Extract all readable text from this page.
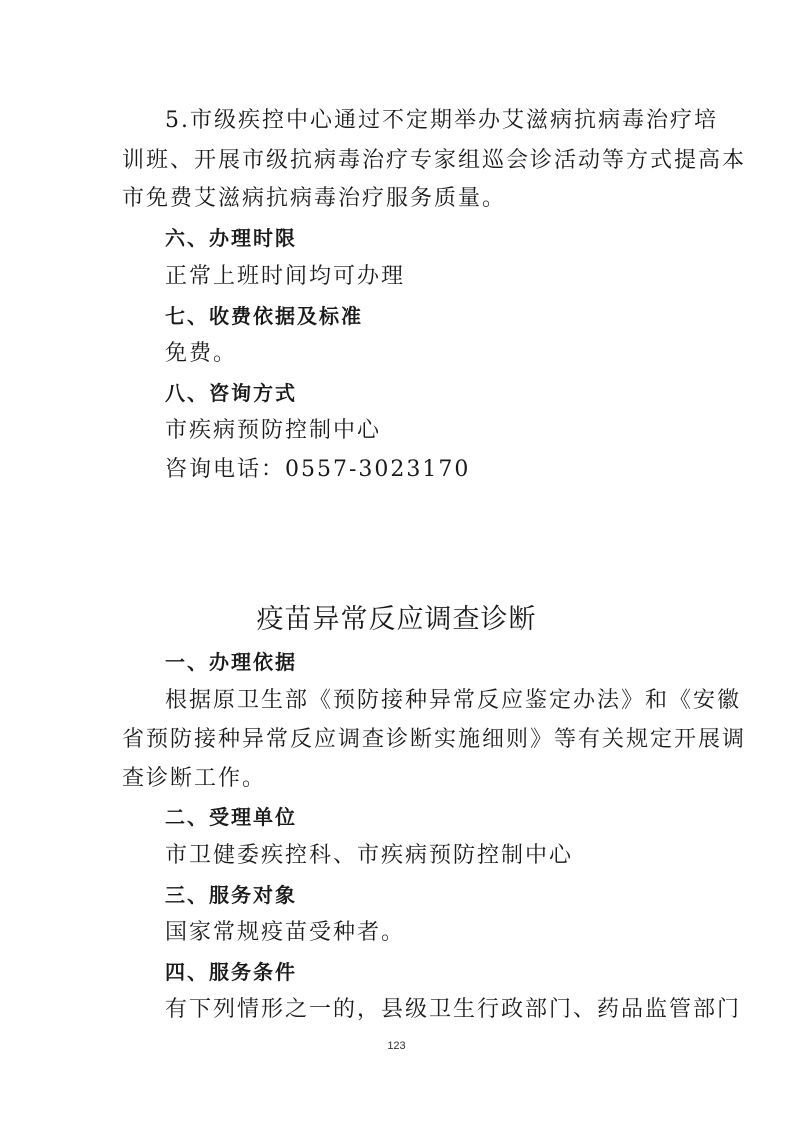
5.市级疾控中心通过不定期举办艾滋病抗病毒治疗培
训班、开展市级抗病毒治疗专家组巡会诊活动等方式提高本
市免费艾滋病抗病毒治疗服务质量。
六、办理时限
正常上班时间均可办理
七、收费依据及标准
免费。
八、咨询方式
市疾病预防控制中心
咨询电话：0557-3023170
疫苗异常反应调查诊断
一、办理依据
根据原卫生部《预防接种异常反应鉴定办法》和《安徽
省预防接种异常反应调查诊断实施细则》等有关规定开展调
查诊断工作。
二、受理单位
市卫健委疾控科、市疾病预防控制中心
三、服务对象
国家常规疫苗受种者。
四、服务条件
有下列情形之一的，县级卫生行政部门、药品监管部门
123
